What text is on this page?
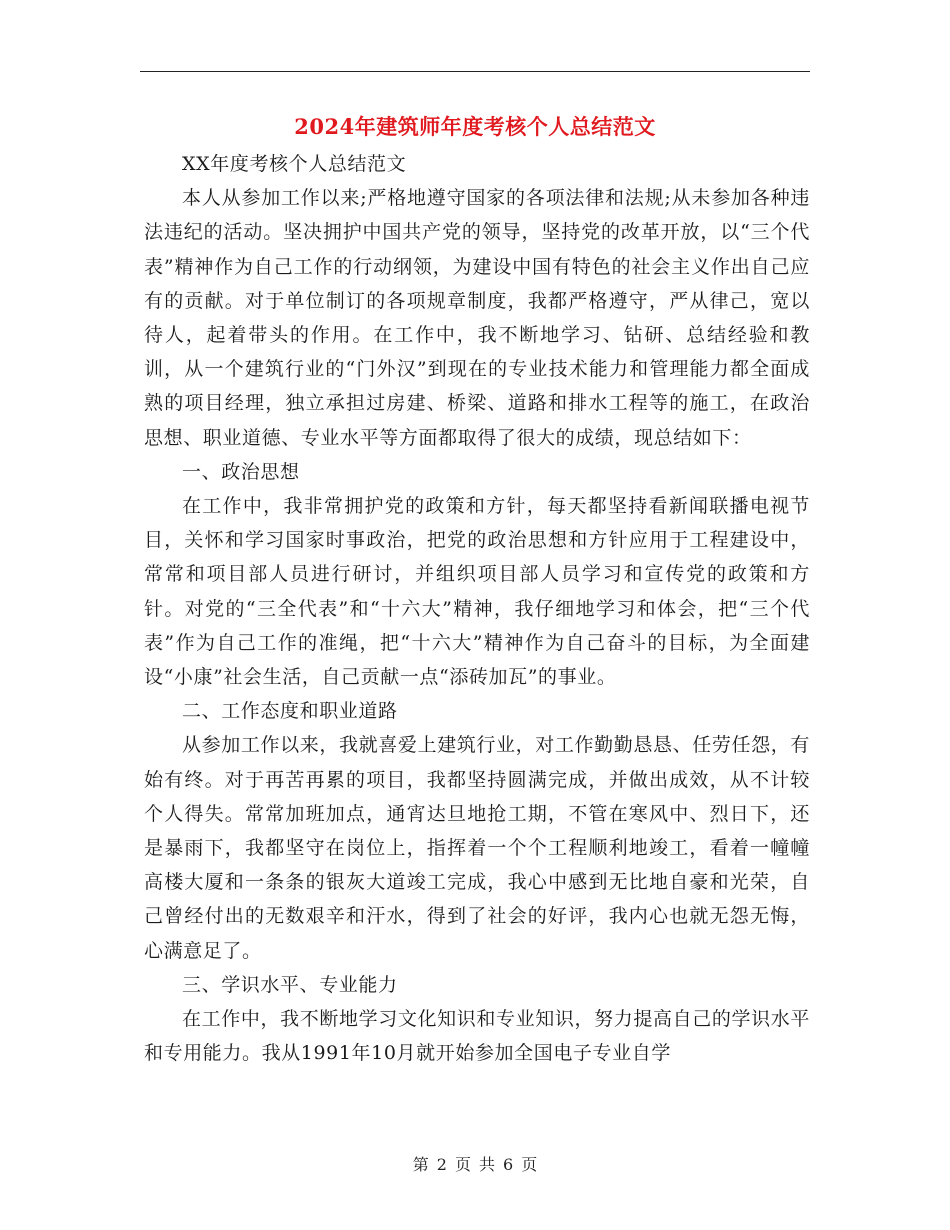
2024年建筑师年度考核个人总结范文

XX年度考核个人总结范文

本人从参加工作以来;严格地遵守国家的各项法律和法规;从未参加各种违法违纪的活动。坚决拥护中国共产党的领导，坚持党的改革开放，以“三个代表”精神作为自己工作的行动纲领，为建设中国有特色的社会主义作出自己应有的贡献。对于单位制订的各项规章制度，我都严格遵守，严从律己，宽以待人，起着带头的作用。在工作中，我不断地学习、钻研、总结经验和教训，从一个建筑行业的“门外汉”到现在的专业技术能力和管理能力都全面成熟的项目经理，独立承担过房建、桥梁、道路和排水工程等的施工，在政治思想、职业道德、专业水平等方面都取得了很大的成绩，现总结如下：

一、政治思想

在工作中，我非常拥护党的政策和方针，每天都坚持看新闻联播电视节目，关怀和学习国家时事政治，把党的政治思想和方针应用于工程建设中，常常和项目部人员进行研讨，并组织项目部人员学习和宣传党的政策和方针。对党的“三全代表”和“十六大”精神，我仔细地学习和体会，把“三个代表”作为自己工作的准绳，把“十六大”精神作为自己奋斗的目标，为全面建设“小康”社会生活，自己贡献一点“添砖加瓦”的事业。

二、工作态度和职业道路

从参加工作以来，我就喜爱上建筑行业，对工作勤勤恳恳、任劳任怨，有始有终。对于再苦再累的项目，我都坚持圆满完成，并做出成效，从不计较个人得失。常常加班加点，通宵达旦地抢工期，不管在寒风中、烈日下，还是暴雨下，我都坚守在岗位上，指挥着一个个工程顺利地竣工，看着一幢幢高楼大厦和一条条的银灰大道竣工完成，我心中感到无比地自豪和光荣，自己曾经付出的无数艰辛和汗水，得到了社会的好评，我内心也就无怨无悔，心满意足了。

三、学识水平、专业能力

在工作中，我不断地学习文化知识和专业知识，努力提高自己的学识水平和专用能力。我从1991年10月就开始参加全国电子专业自学

第 2 页 共 6 页
